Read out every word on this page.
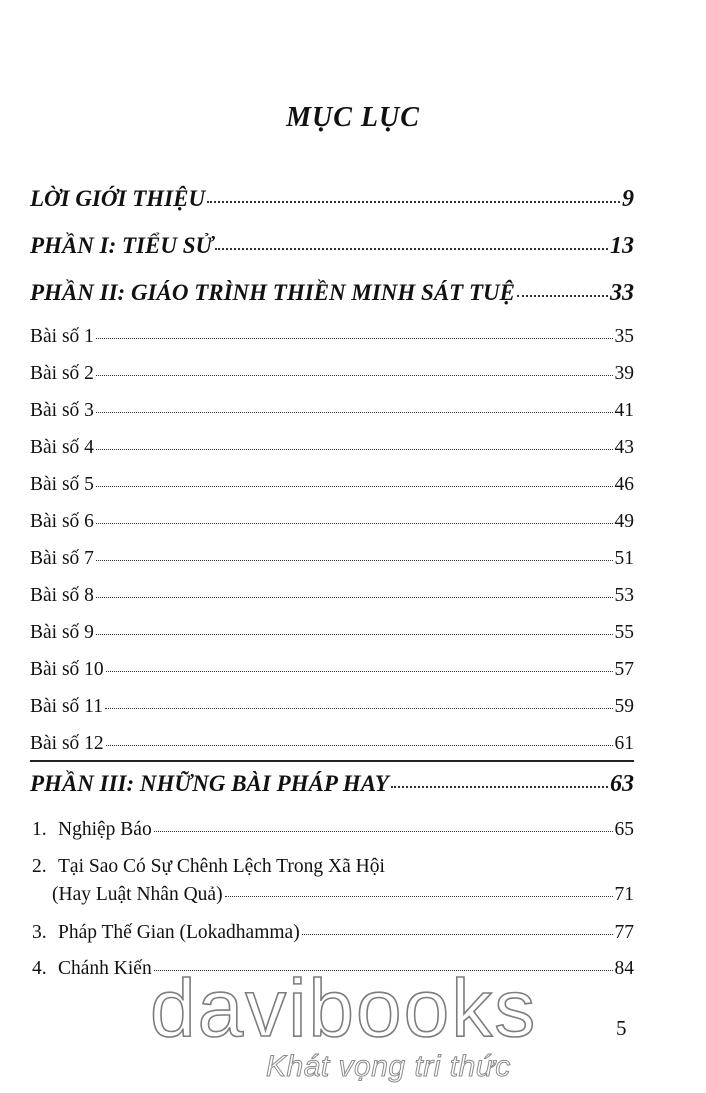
MỤC LỤC
LỜI GIỚI THIỆU	9
PHẦN I: TIỂU SỬ	13
PHẦN II: GIÁO TRÌNH THIỀN MINH SÁT TUỆ	33
Bài số 1	35
Bài số 2	39
Bài số 3	41
Bài số 4	43
Bài số 5	46
Bài số 6	49
Bài số 7	51
Bài số 8	53
Bài số 9	55
Bài số 10	57
Bài số 11	59
Bài số 12	61
PHẦN III: NHỮNG BÀI PHÁP HAY	63
1. Nghiệp Báo	65
2. Tại Sao Có Sự Chênh Lệch Trong Xã Hội
(Hay Luật Nhân Quả)	71
3. Pháp Thế Gian (Lokadhamma)	77
4. Chánh Kiến	84
5
davibooks
Khát vọng tri thức
